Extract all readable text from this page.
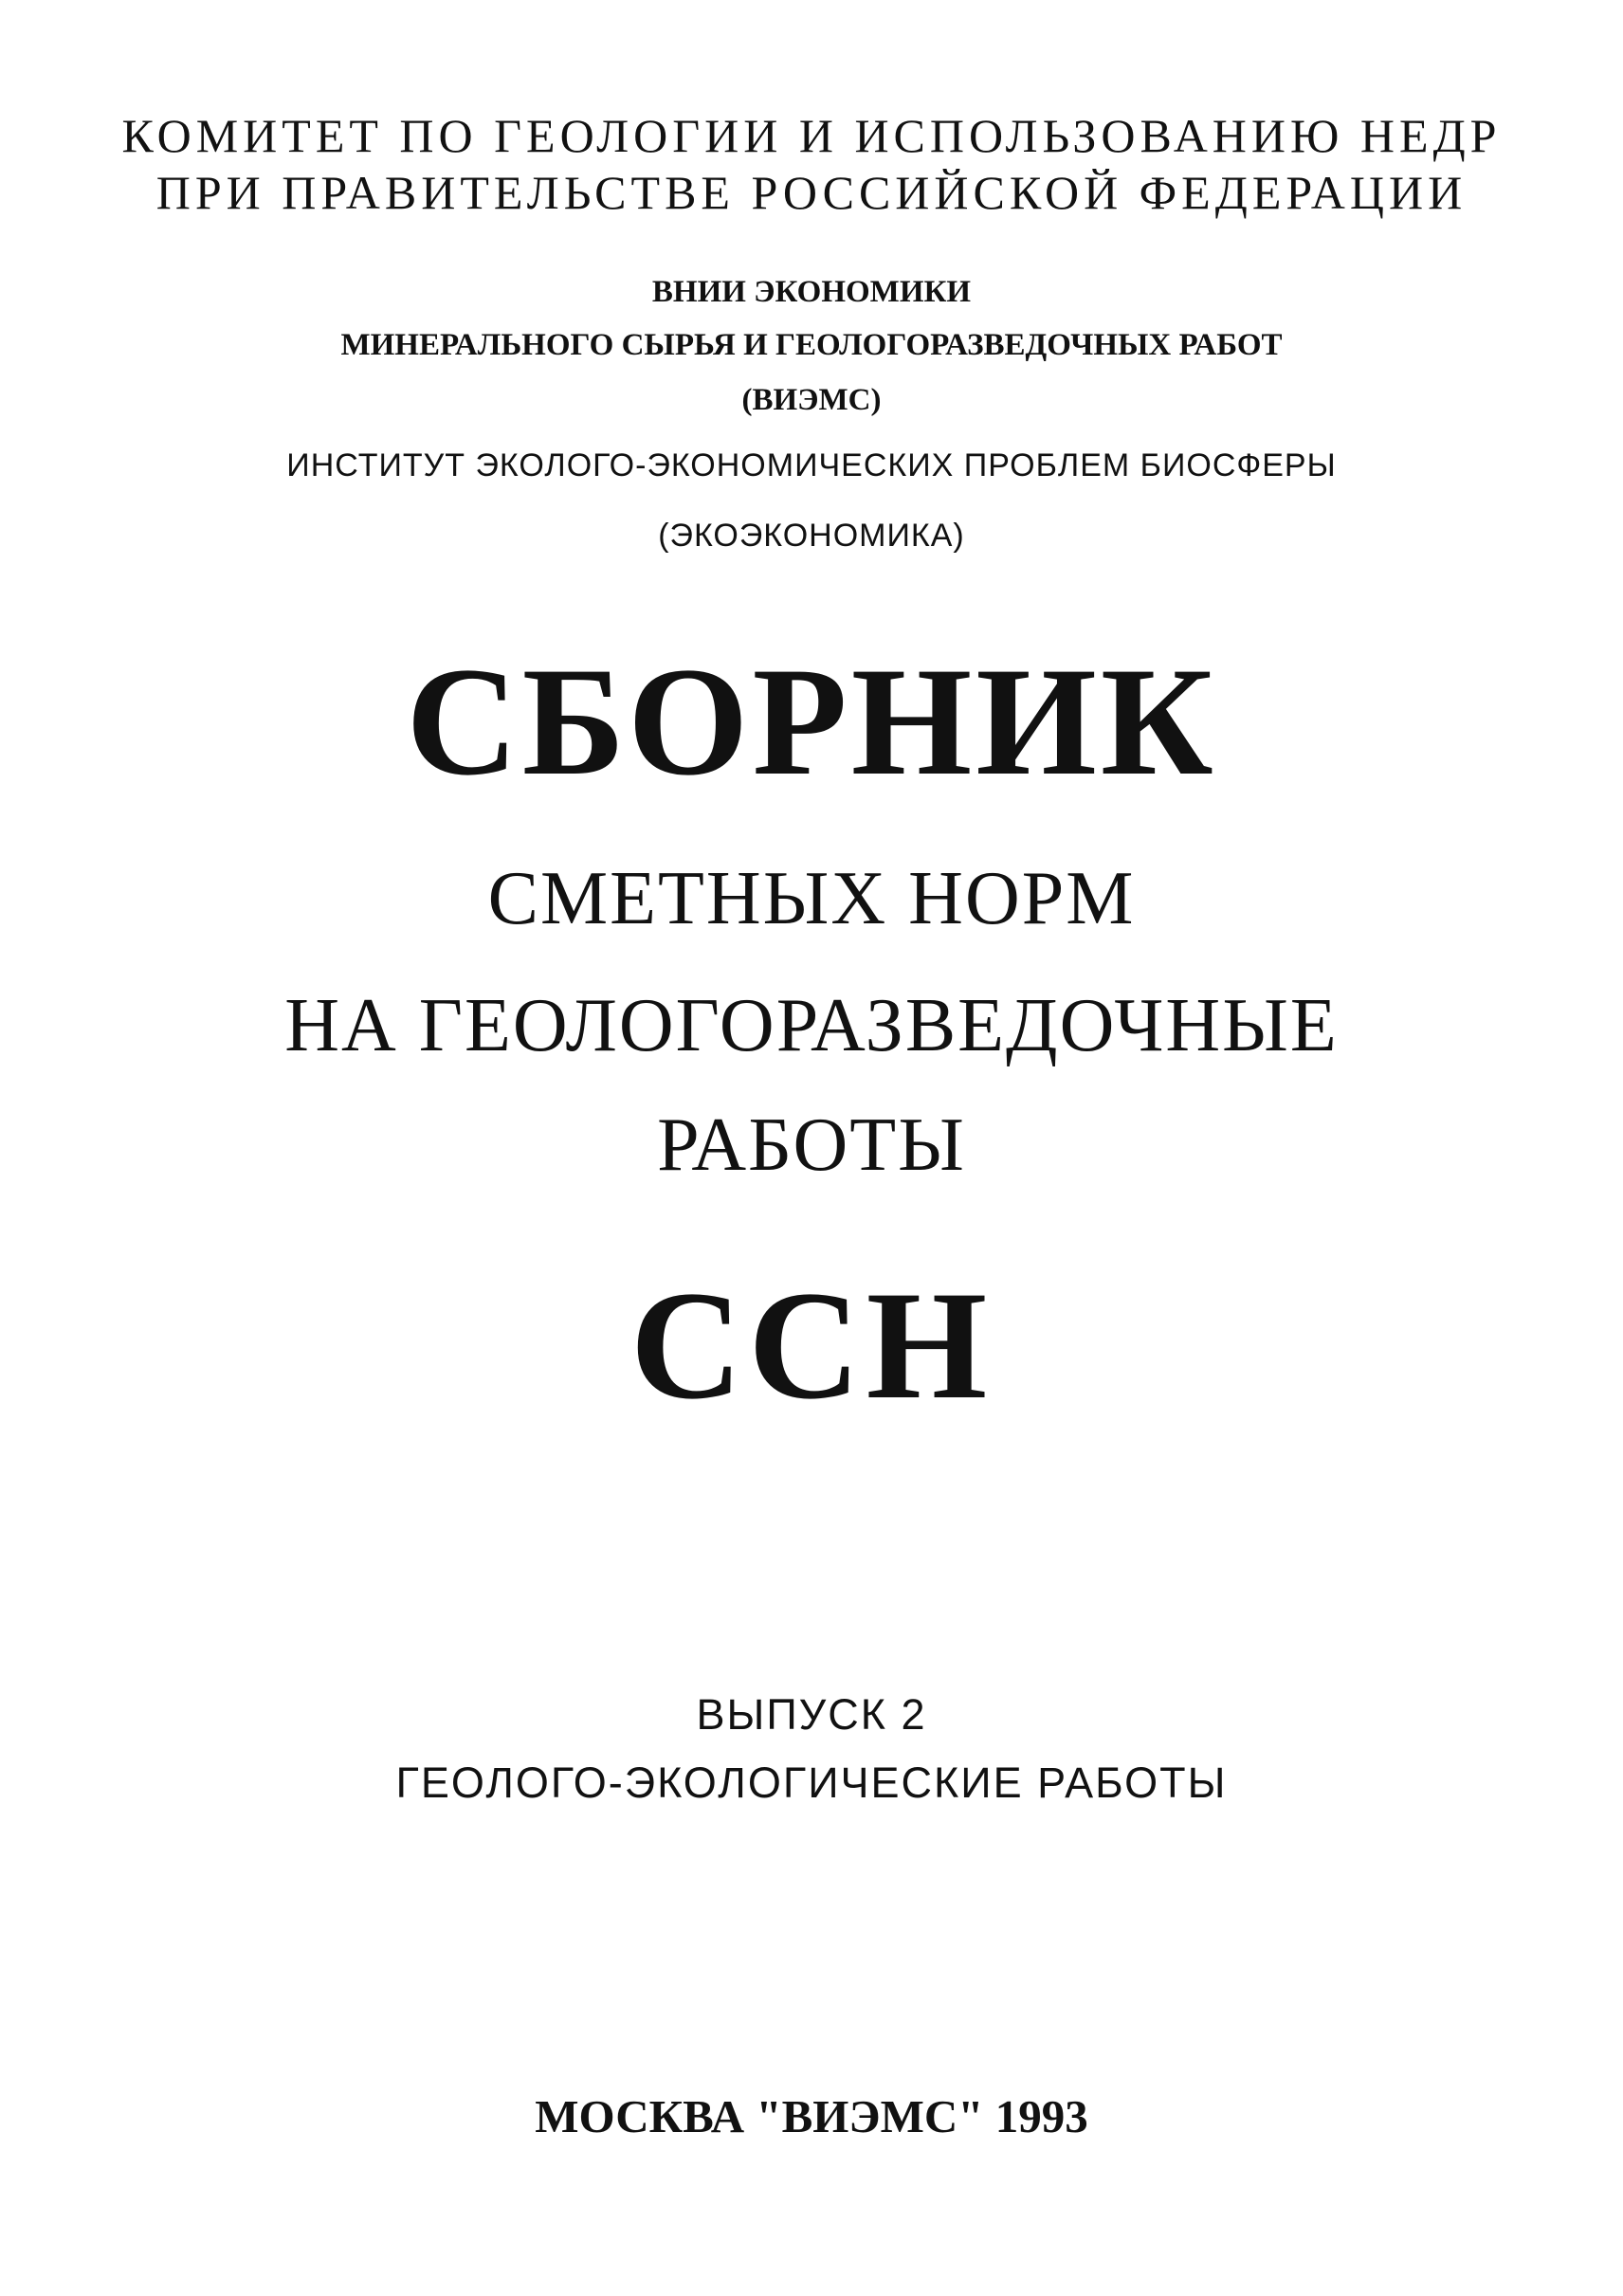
КОМИТЕТ ПО ГЕОЛОГИИ И ИСПОЛЬЗОВАНИЮ НЕДР
ПРИ ПРАВИТЕЛЬСТВЕ РОССИЙСКОЙ ФЕДЕРАЦИИ
ВНИИ ЭКОНОМИКИ
МИНЕРАЛЬНОГО СЫРЬЯ И ГЕОЛОГОРАЗВЕДОЧНЫХ РАБОТ
(ВИЭМС)
ИНСТИТУТ ЭКОЛОГО-ЭКОНОМИЧЕСКИХ ПРОБЛЕМ БИОСФЕРЫ
(ЭКОЭКОНОМИКА)
СБОРНИК
СМЕТНЫХ НОРМ
НА ГЕОЛОГОРАЗВЕДОЧНЫЕ
РАБОТЫ
ССН
ВЫПУСК 2
ГЕОЛОГО-ЭКОЛОГИЧЕСКИЕ РАБОТЫ
МОСКВА "ВИЭМС" 1993
